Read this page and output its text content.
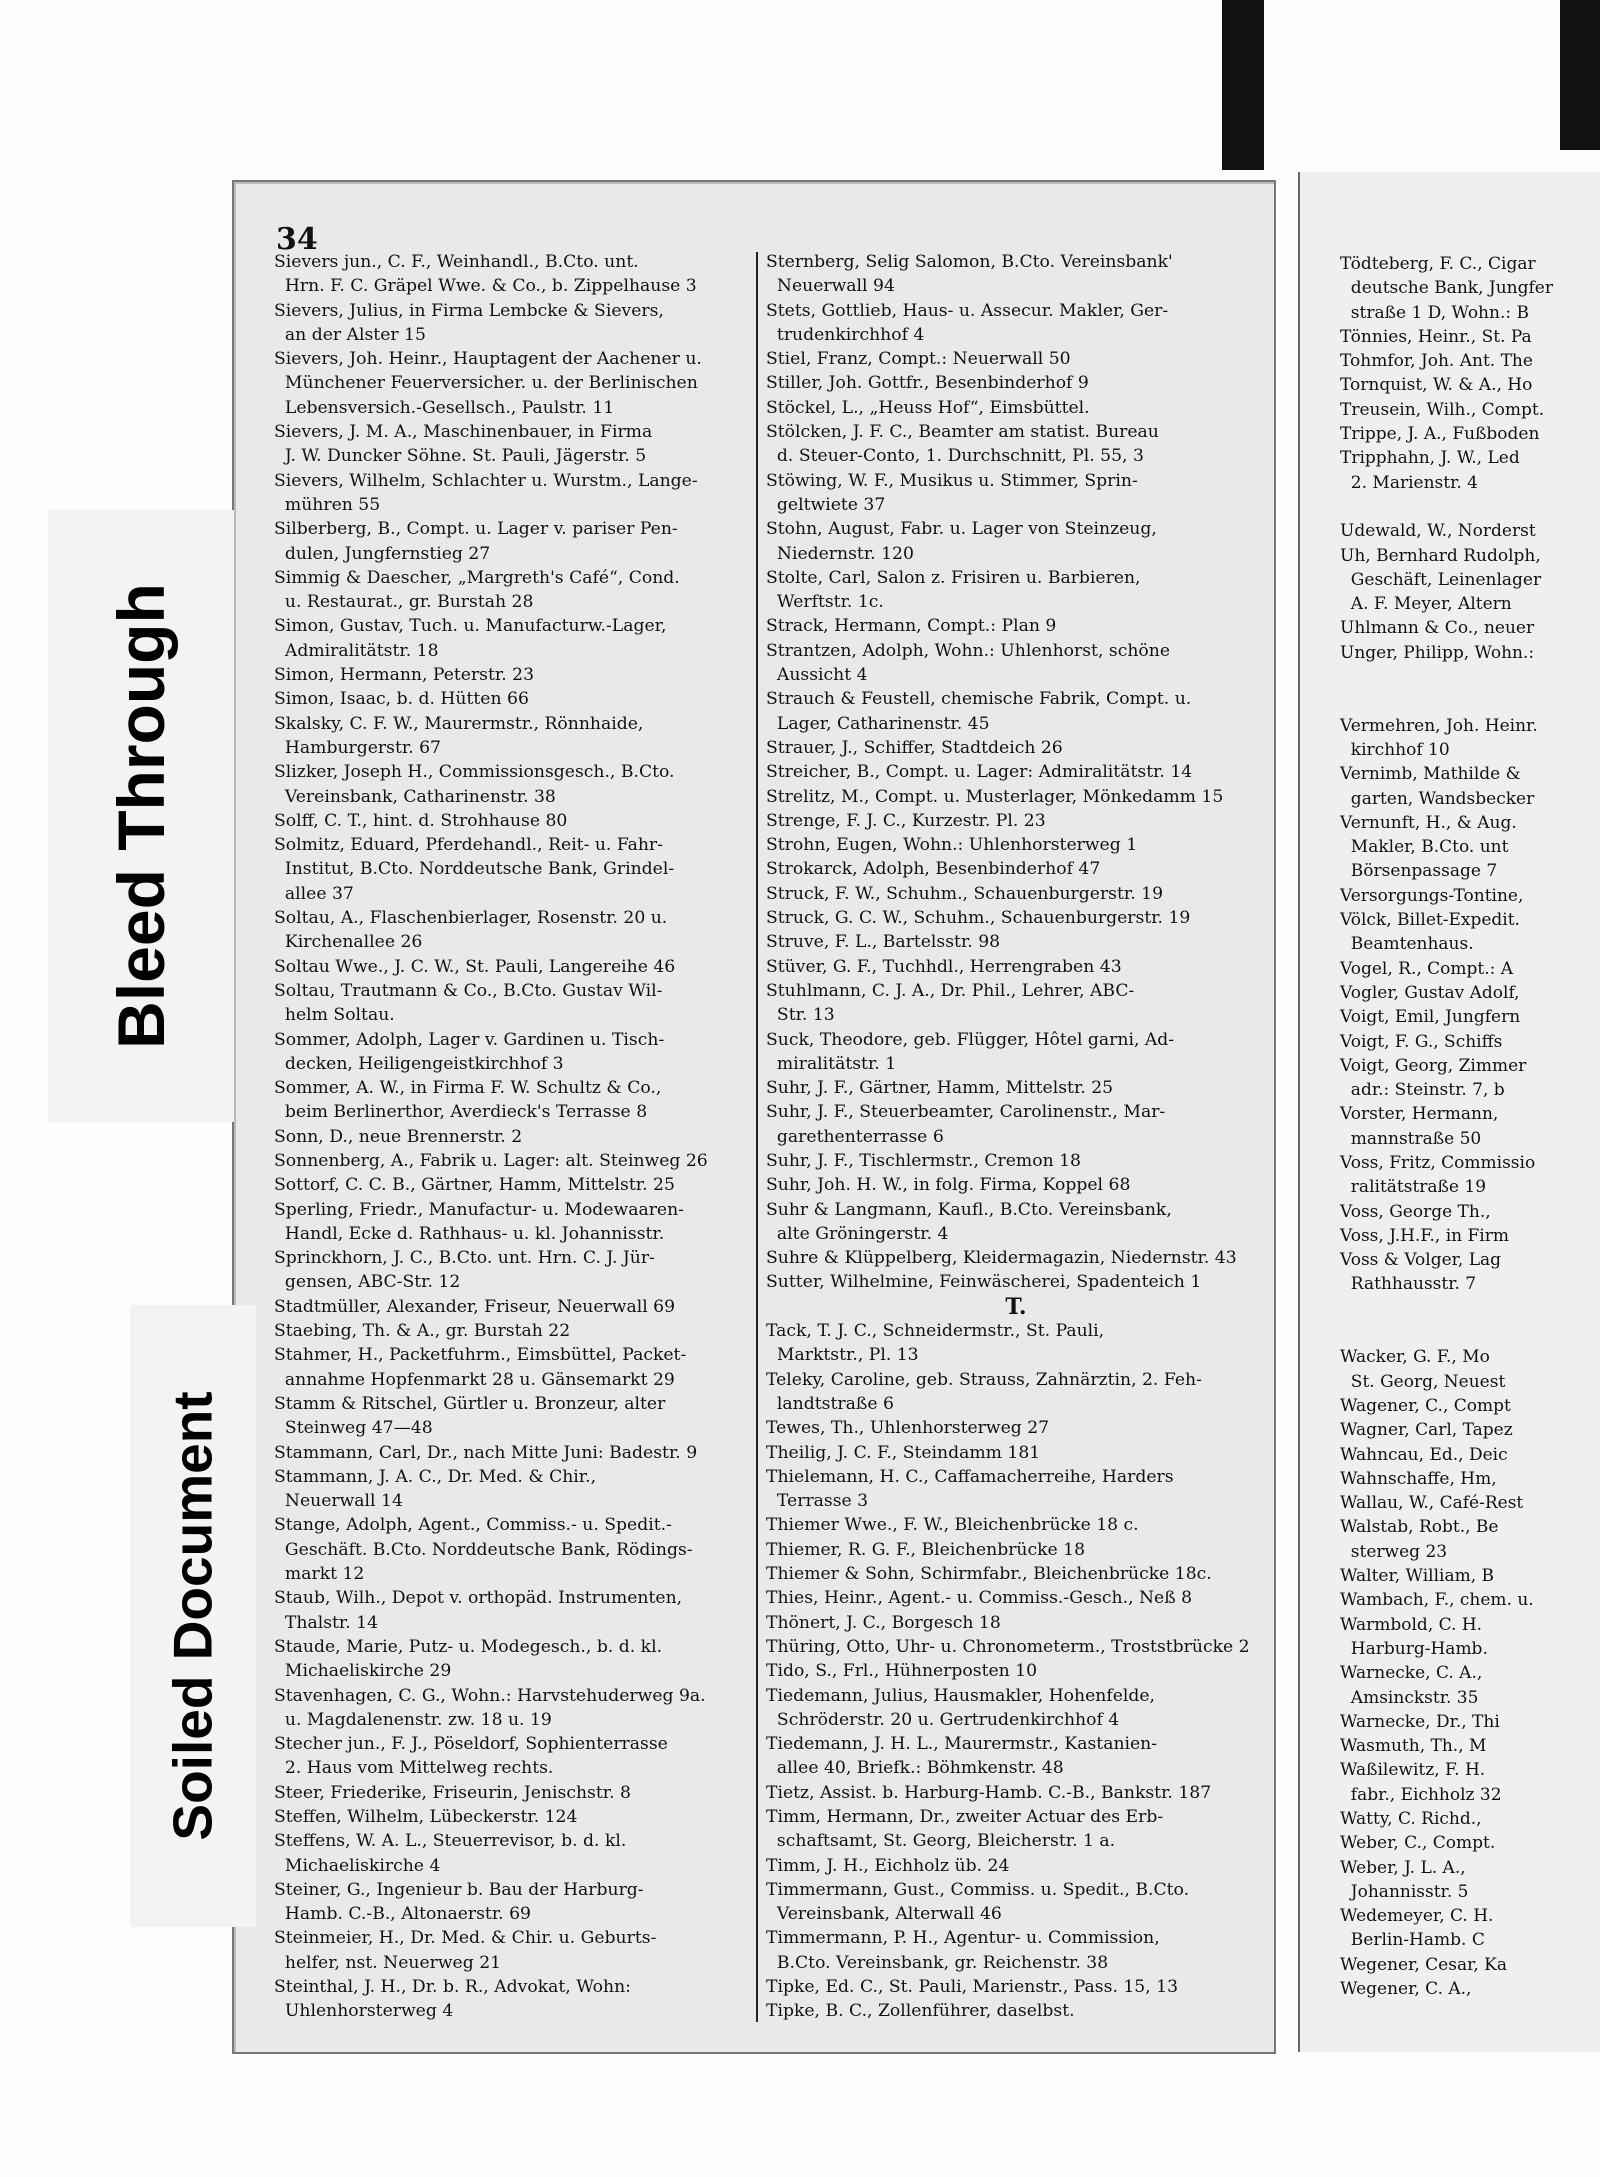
34
Sievers jun., C. F., Weinhandl., B.Cto. unt.
Hrn. F. C. Gräpel Wwe. & Co., b. Zippelhause 3
Sievers, Julius, in Firma Lembcke & Sievers,
an der Alster 15
Sievers, Joh. Heinr., Hauptagent der Aachener u.
Münchener Feuerversicher. u. der Berlinischen
Lebensversich.-Gesellsch., Paulstr. 11
Sievers, J. M. A., Maschinenbauer, in Firma
J. W. Duncker Söhne. St. Pauli, Jägerstr. 5
Sievers, Wilhelm, Schlachter u. Wurstm., Lange-
mühren 55
Silberberg, B., Compt. u. Lager v. pariser Pen-
dulen, Jungfernstieg 27
Simmig & Daescher, „Margreth's Café“, Cond.
u. Restaurat., gr. Burstah 28
Simon, Gustav, Tuch. u. Manufacturw.-Lager,
Admiralitätstr. 18
Simon, Hermann, Peterstr. 23
Simon, Isaac, b. d. Hütten 66
Skalsky, C. F. W., Maurermstr., Rönnhaide,
Hamburgerstr. 67
Slizker, Joseph H., Commissionsgesch., B.Cto.
Vereinsbank, Catharinenstr. 38
Solff, C. T., hint. d. Strohhause 80
Solmitz, Eduard, Pferdehandl., Reit- u. Fahr-
Institut, B.Cto. Norddeutsche Bank, Grindel-
allee 37
Soltau, A., Flaschenbierlager, Rosenstr. 20 u.
Kirchenallee 26
Soltau Wwe., J. C. W., St. Pauli, Langereihe 46
Soltau, Trautmann & Co., B.Cto. Gustav Wil-
helm Soltau.
Sommer, Adolph, Lager v. Gardinen u. Tisch-
decken, Heiligengeistkirchhof 3
Sommer, A. W., in Firma F. W. Schultz & Co.,
beim Berlinerthor, Averdieck's Terrasse 8
Sonn, D., neue Brennerstr. 2
Sonnenberg, A., Fabrik u. Lager: alt. Steinweg 26
Sottorf, C. C. B., Gärtner, Hamm, Mittelstr. 25
Sperling, Friedr., Manufactur- u. Modewaaren-
Handl, Ecke d. Rathhaus- u. kl. Johannisstr.
Sprinckhorn, J. C., B.Cto. unt. Hrn. C. J. Jür-
gensen, ABC-Str. 12
Stadtmüller, Alexander, Friseur, Neuerwall 69
Staebing, Th. & A., gr. Burstah 22
Stahmer, H., Packetfuhrm., Eimsbüttel, Packet-
annahme Hopfenmarkt 28 u. Gänsemarkt 29
Stamm & Ritschel, Gürtler u. Bronzeur, alter
Steinweg 47—48
Stammann, Carl, Dr., nach Mitte Juni: Badestr. 9
Stammann, J. A. C., Dr. Med. & Chir.,
Neuerwall 14
Stange, Adolph, Agent., Commiss.- u. Spedit.-
Geschäft. B.Cto. Norddeutsche Bank, Rödings-
markt 12
Staub, Wilh., Depot v. orthopäd. Instrumenten,
Thalstr. 14
Staude, Marie, Putz- u. Modegesch., b. d. kl.
Michaeliskirche 29
Stavenhagen, C. G., Wohn.: Harvstehuderweg 9a.
u. Magdalenenstr. zw. 18 u. 19
Stecher jun., F. J., Pöseldorf, Sophienterrasse
2. Haus vom Mittelweg rechts.
Steer, Friederike, Friseurin, Jenischstr. 8
Steffen, Wilhelm, Lübeckerstr. 124
Steffens, W. A. L., Steuerrevisor, b. d. kl.
Michaeliskirche 4
Steiner, G., Ingenieur b. Bau der Harburg-
Hamb. C.-B., Altonaerstr. 69
Steinmeier, H., Dr. Med. & Chir. u. Geburts-
helfer, nst. Neuerweg 21
Steinthal, J. H., Dr. b. R., Advokat, Wohn:
Uhlenhorsterweg 4
Sternberg, Selig Salomon, B.Cto. Vereinsbank'
Neuerwall 94
Stets, Gottlieb, Haus- u. Assecur. Makler, Ger-
trudenkirchhof 4
Stiel, Franz, Compt.: Neuerwall 50
Stiller, Joh. Gottfr., Besenbinderhof 9
Stöckel, L., „Heuss Hof“, Eimsbüttel.
Stölcken, J. F. C., Beamter am statist. Bureau
d. Steuer-Conto, 1. Durchschnitt, Pl. 55, 3
Stöwing, W. F., Musikus u. Stimmer, Sprin-
geltwiete 37
Stohn, August, Fabr. u. Lager von Steinzeug,
Niedernstr. 120
Stolte, Carl, Salon z. Frisiren u. Barbieren,
Werftstr. 1c.
Strack, Hermann, Compt.: Plan 9
Strantzen, Adolph, Wohn.: Uhlenhorst, schöne
Aussicht 4
Strauch & Feustell, chemische Fabrik, Compt. u.
Lager, Catharinenstr. 45
Strauer, J., Schiffer, Stadtdeich 26
Streicher, B., Compt. u. Lager: Admiralitätstr. 14
Strelitz, M., Compt. u. Musterlager, Mönkedamm 15
Strenge, F. J. C., Kurzestr. Pl. 23
Strohn, Eugen, Wohn.: Uhlenhorsterweg 1
Strokarck, Adolph, Besenbinderhof 47
Struck, F. W., Schuhm., Schauenburgerstr. 19
Struck, G. C. W., Schuhm., Schauenburgerstr. 19
Struve, F. L., Bartelsstr. 98
Stüver, G. F., Tuchhdl., Herrengraben 43
Stuhlmann, C. J. A., Dr. Phil., Lehrer, ABC-
Str. 13
Suck, Theodore, geb. Flügger, Hôtel garni, Ad-
miralitätstr. 1
Suhr, J. F., Gärtner, Hamm, Mittelstr. 25
Suhr, J. F., Steuerbeamter, Carolinenstr., Mar-
garethenterrasse 6
Suhr, J. F., Tischlermstr., Cremon 18
Suhr, Joh. H. W., in folg. Firma, Koppel 68
Suhr & Langmann, Kaufl., B.Cto. Vereinsbank,
alte Gröningerstr. 4
Suhre & Klüppelberg, Kleidermagazin, Niedernstr. 43
Sutter, Wilhelmine, Feinwäscherei, Spadenteich 1
T.
Tack, T. J. C., Schneidermstr., St. Pauli,
Marktstr., Pl. 13
Teleky, Caroline, geb. Strauss, Zahnärztin, 2. Feh-
landtstraße 6
Tewes, Th., Uhlenhorsterweg 27
Theilig, J. C. F., Steindamm 181
Thielemann, H. C., Caffamacherreihe, Harders
Terrasse 3
Thiemer Wwe., F. W., Bleichenbrücke 18 c.
Thiemer, R. G. F., Bleichenbrücke 18
Thiemer & Sohn, Schirmfabr., Bleichenbrücke 18c.
Thies, Heinr., Agent.- u. Commiss.-Gesch., Neß 8
Thönert, J. C., Borgesch 18
Thüring, Otto, Uhr- u. Chronometerm., Troststbrücke 2
Tido, S., Frl., Hühnerposten 10
Tiedemann, Julius, Hausmakler, Hohenfelde,
Schröderstr. 20 u. Gertrudenkirchhof 4
Tiedemann, J. H. L., Maurermstr., Kastanien-
allee 40, Briefk.: Böhmkenstr. 48
Tietz, Assist. b. Harburg-Hamb. C.-B., Bankstr. 187
Timm, Hermann, Dr., zweiter Actuar des Erb-
schaftsamt, St. Georg, Bleicherstr. 1 a.
Timm, J. H., Eichholz üb. 24
Timmermann, Gust., Commiss. u. Spedit., B.Cto.
Vereinsbank, Alterwall 46
Timmermann, P. H., Agentur- u. Commission,
B.Cto. Vereinsbank, gr. Reichenstr. 38
Tipke, Ed. C., St. Pauli, Marienstr., Pass. 15, 13
Tipke, B. C., Zollenführer, daselbst.
Tödteberg, F. C., Cigar
deutsche Bank, Jungfer
straße 1 D, Wohn.: B
Tönnies, Heinr., St. Pa
Tohmfor, Joh. Ant. The
Tornquist, W. & A., Ho
Treusein, Wilh., Compt.
Trippe, J. A., Fußboden
Tripphahn, J. W., Led
2. Marienstr. 4

Udewald, W., Norderst
Uh, Bernhard Rudolph,
Geschäft, Leinenlager
A. F. Meyer, Altern
Uhlmann & Co., neuer
Unger, Philipp, Wohn.:

Vermehren, Joh. Heinr.
kirchhof 10
Vernimb, Mathilde &
garten, Wandsbecker
Vernunft, H., & Aug.
Makler, B.Cto. unt
Börsenpassage 7
Versorgungs-Tontine,
Völck, Billet-Expedit.
Beamtenhaus.
Vogel, R., Compt.: A
Vogler, Gustav Adolf,
Voigt, Emil, Jungfern
Voigt, F. G., Schiffs
Voigt, Georg, Zimmer
adr.: Steinstr. 7, b
Vorster, Hermann,
mannstraße 50
Voss, Fritz, Commissio
ralitätstraße 19
Voss, George Th.,
Voss, J.H.F., in Firm
Voss & Volger, Lag
Rathhausstr. 7

Wacker, G. F., Mo
St. Georg, Neuest
Wagener, C., Compt
Wagner, Carl, Tapez
Wahncau, Ed., Deic
Wahnschaffe, Hm,
Wallau, W., Café-Rest
Walstab, Robt., Be
sterweg 23
Walter, William, B
Wambach, F., chem. u.
Warmbold, C. H.
Harburg-Hamb.
Warnecke, C. A.,
Amsinckstr. 35
Warnecke, Dr., Thi
Wasmuth, Th., M
Waßilewitz, F. H.
fabr., Eichholz 32
Watty, C. Richd.,
Weber, C., Compt.
Weber, J. L. A.,
Johannisstr. 5
Wedemeyer, C. H.
Berlin-Hamb. C
Wegener, Cesar, Ka
Wegener, C. A.,
Bleed Through
Soiled Document
